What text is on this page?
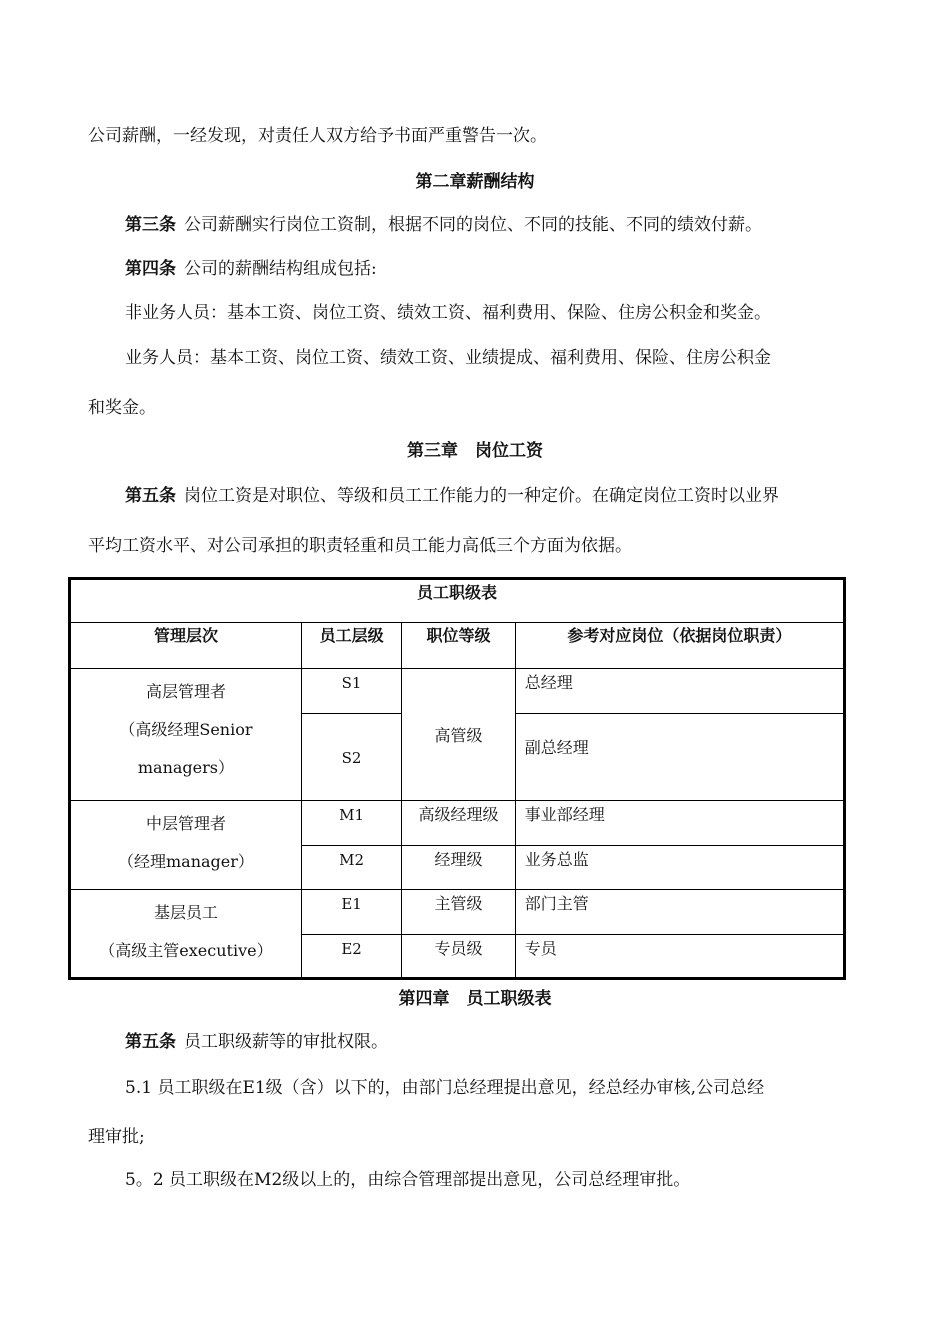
公司薪酬，一经发现，对责任人双方给予书面严重警告一次。
第二章薪酬结构
第三条 公司薪酬实行岗位工资制，根据不同的岗位、不同的技能、不同的绩效付薪。
第四条 公司的薪酬结构组成包括:
非业务人员：基本工资、岗位工资、绩效工资、福利费用、保险、住房公积金和奖金。
业务人员：基本工资、岗位工资、绩效工资、业绩提成、福利费用、保险、住房公积金
和奖金。
第三章　岗位工资
第五条 岗位工资是对职位、等级和员工工作能力的一种定价。在确定岗位工资时以业界
平均工资水平、对公司承担的职责轻重和员工能力高低三个方面为依据。
员工职级表			
管理层次	员工层级	职位等级	参考对应岗位（依据岗位职责）

高层管理者
（高级经理Senior
managers）	S1	高管级	总经理
	S2		副总经理

中层管理者
（经理manager）	M1	高级经理级	事业部经理
	M2	经理级	业务总监

基层员工
（高级主管executive）	E1	主管级	部门主管
	E2	专员级	专员
第四章　员工职级表
第五条 员工职级薪等的审批权限。
5.1 员工职级在E1级（含）以下的，由部门总经理提出意见，经总经办审核,公司总经
理审批;
5。2 员工职级在M2级以上的，由综合管理部提出意见，公司总经理审批。
